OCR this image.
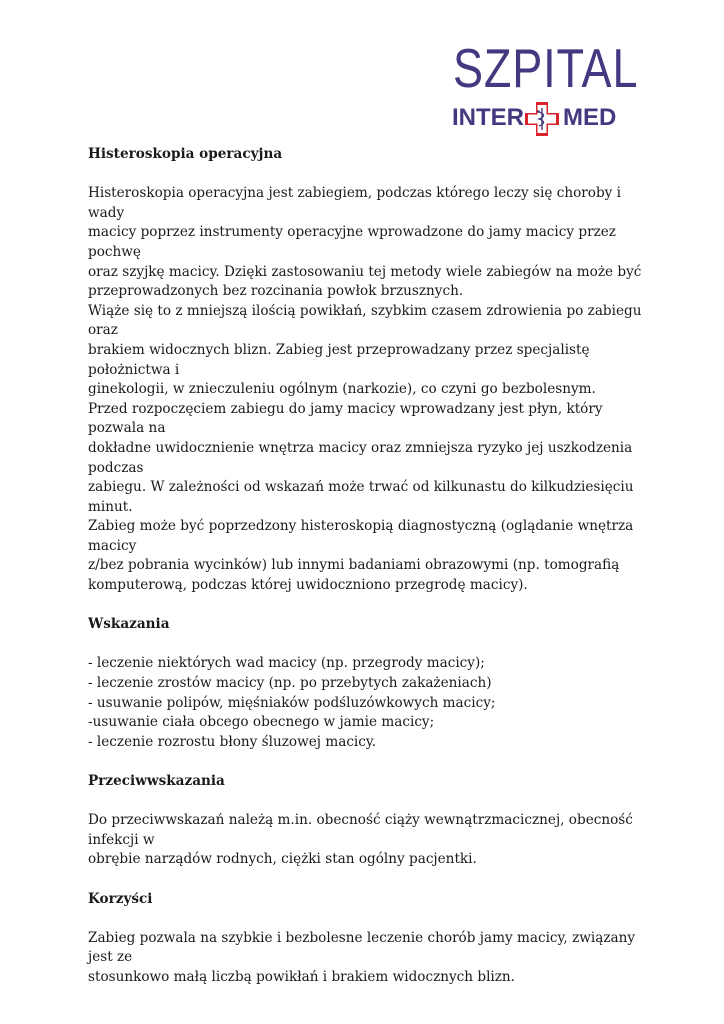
SZPITAL
INTER MED

Histeroskopia operacyjna

Histeroskopia operacyjna jest zabiegiem, podczas którego leczy się choroby i wady

macicy poprzez instrumenty operacyjne wprowadzone do jamy macicy przez pochwę

oraz szyjkę macicy. Dzięki zastosowaniu tej metody wiele zabiegów na może być

przeprowadzonych bez rozcinania powłok brzusznych.

Wiąże się to z mniejszą ilością powikłań, szybkim czasem zdrowienia po zabiegu oraz

brakiem widocznych blizn. Zabieg jest przeprowadzany przez specjalistę położnictwa i

ginekologii, w znieczuleniu ogólnym (narkozie), co czyni go bezbolesnym.

Przed rozpoczęciem zabiegu do jamy macicy wprowadzany jest płyn, który pozwala na

dokładne uwidocznienie wnętrza macicy oraz zmniejsza ryzyko jej uszkodzenia podczas

zabiegu. W zależności od wskazań może trwać od kilkunastu do kilkudziesięciu minut.

Zabieg może być poprzedzony histeroskopią diagnostyczną (oglądanie wnętrza macicy

z/bez pobrania wycinków) lub innymi badaniami obrazowymi (np. tomografią

komputerową, podczas której uwidoczniono przegrodę macicy).

Wskazania

- leczenie niektórych wad macicy (np. przegrody macicy);
- leczenie zrostów macicy (np. po przebytych zakażeniach)
- usuwanie polipów, mięśniaków podśluzówkowych macicy;
-usuwanie ciała obcego obecnego w jamie macicy;
- leczenie rozrostu błony śluzowej macicy.

Przeciwwskazania

Do przeciwwskazań należą m.in. obecność ciąży wewnątrzmacicznej, obecność infekcji w

obrębie narządów rodnych, ciężki stan ogólny pacjentki.

Korzyści

Zabieg pozwala na szybkie i bezbolesne leczenie chorób jamy macicy, związany jest ze

stosunkowo małą liczbą powikłań i brakiem widocznych blizn.
